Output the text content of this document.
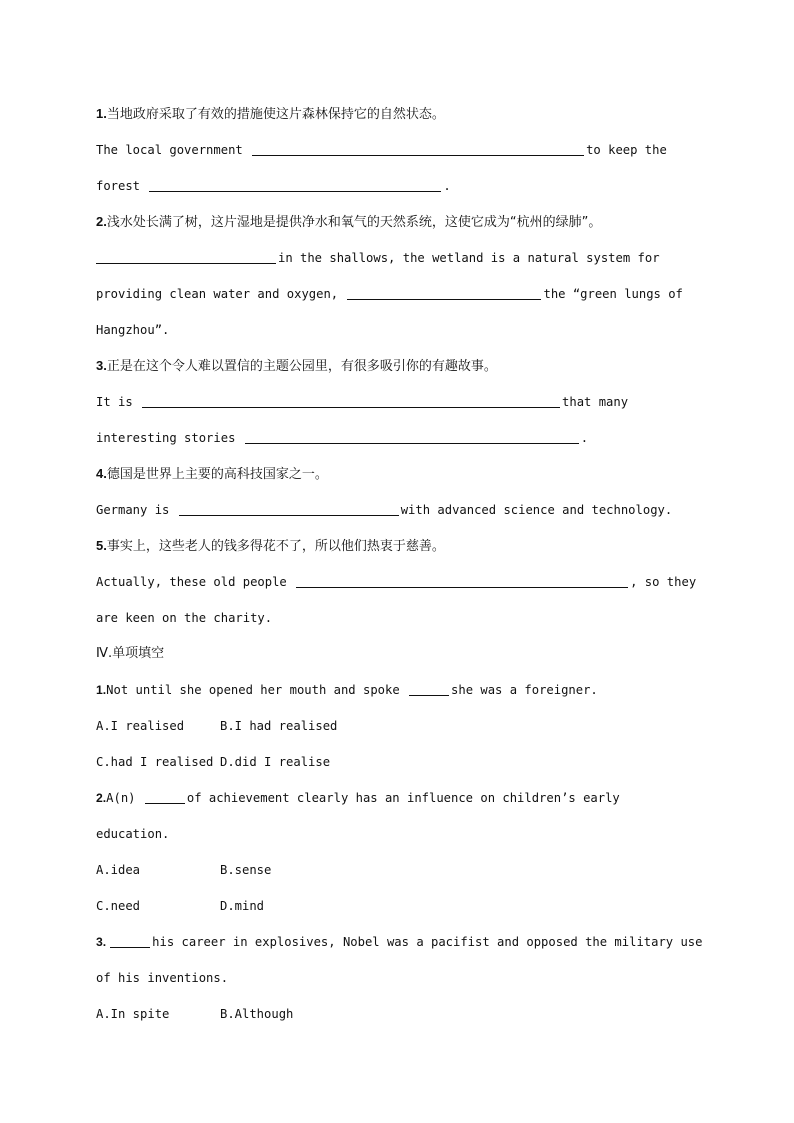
1.当地政府采取了有效的措施使这片森林保持它的自然状态。
The local government	to keep the
forest	.
2.浅水处长满了树，这片湿地是提供净水和氧气的天然系统，这使它成为“杭州的绿肺”。
in the shallows, the wetland is a natural system for
providing clean water and oxygen,	the “green lungs of
Hangzhou”.
3.正是在这个令人难以置信的主题公园里，有很多吸引你的有趣故事。
It is	that many
interesting stories	.
4.德国是世界上主要的高科技国家之一。
Germany is	with advanced science and technology.
5.事实上，这些老人的钱多得花不了，所以他们热衷于慈善。
Actually, these old people	, so they
are keen on the charity.
Ⅳ.单项填空
1.Not until she opened her mouth and spoke	she was a foreigner.
A.I realised	B.I had realised
C.had I realised D.did I realise
2.A(n)	of achievement clearly has an influence on children’s early
education.
A.idea	B.sense
C.need	D.mind
3.	his career in explosives, Nobel was a pacifist and opposed the military use
of his inventions.
A.In spite	B.Although
